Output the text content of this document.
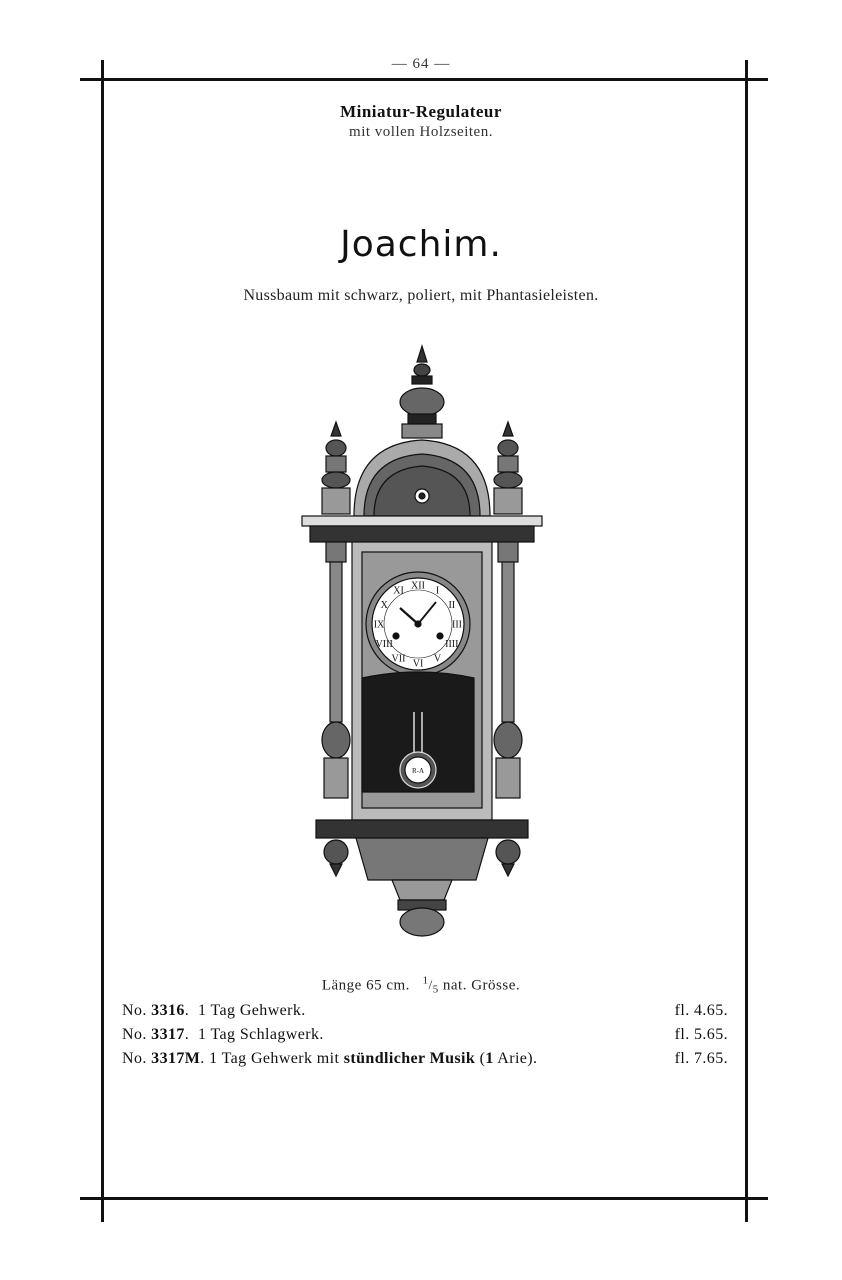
— 64 —
Miniatur-Regulateur
mit vollen Holzseiten.
Joachim.
Nussbaum mit schwarz, poliert, mit Phantasieleisten.
XII I
II
III
IIII
V
VI
VII
VIII
IX
X
XI
R-A
Länge 65 cm. $^1/_5$ nat. Grösse.
No. 3316.  1 Tag Gehwerk.	fl. 4.65.
No. 3317.  1 Tag Schlagwerk.	fl. 5.65.
No. 3317M. 1 Tag Gehwerk mit stündlicher Musik (1 Arie).	fl. 7.65.
